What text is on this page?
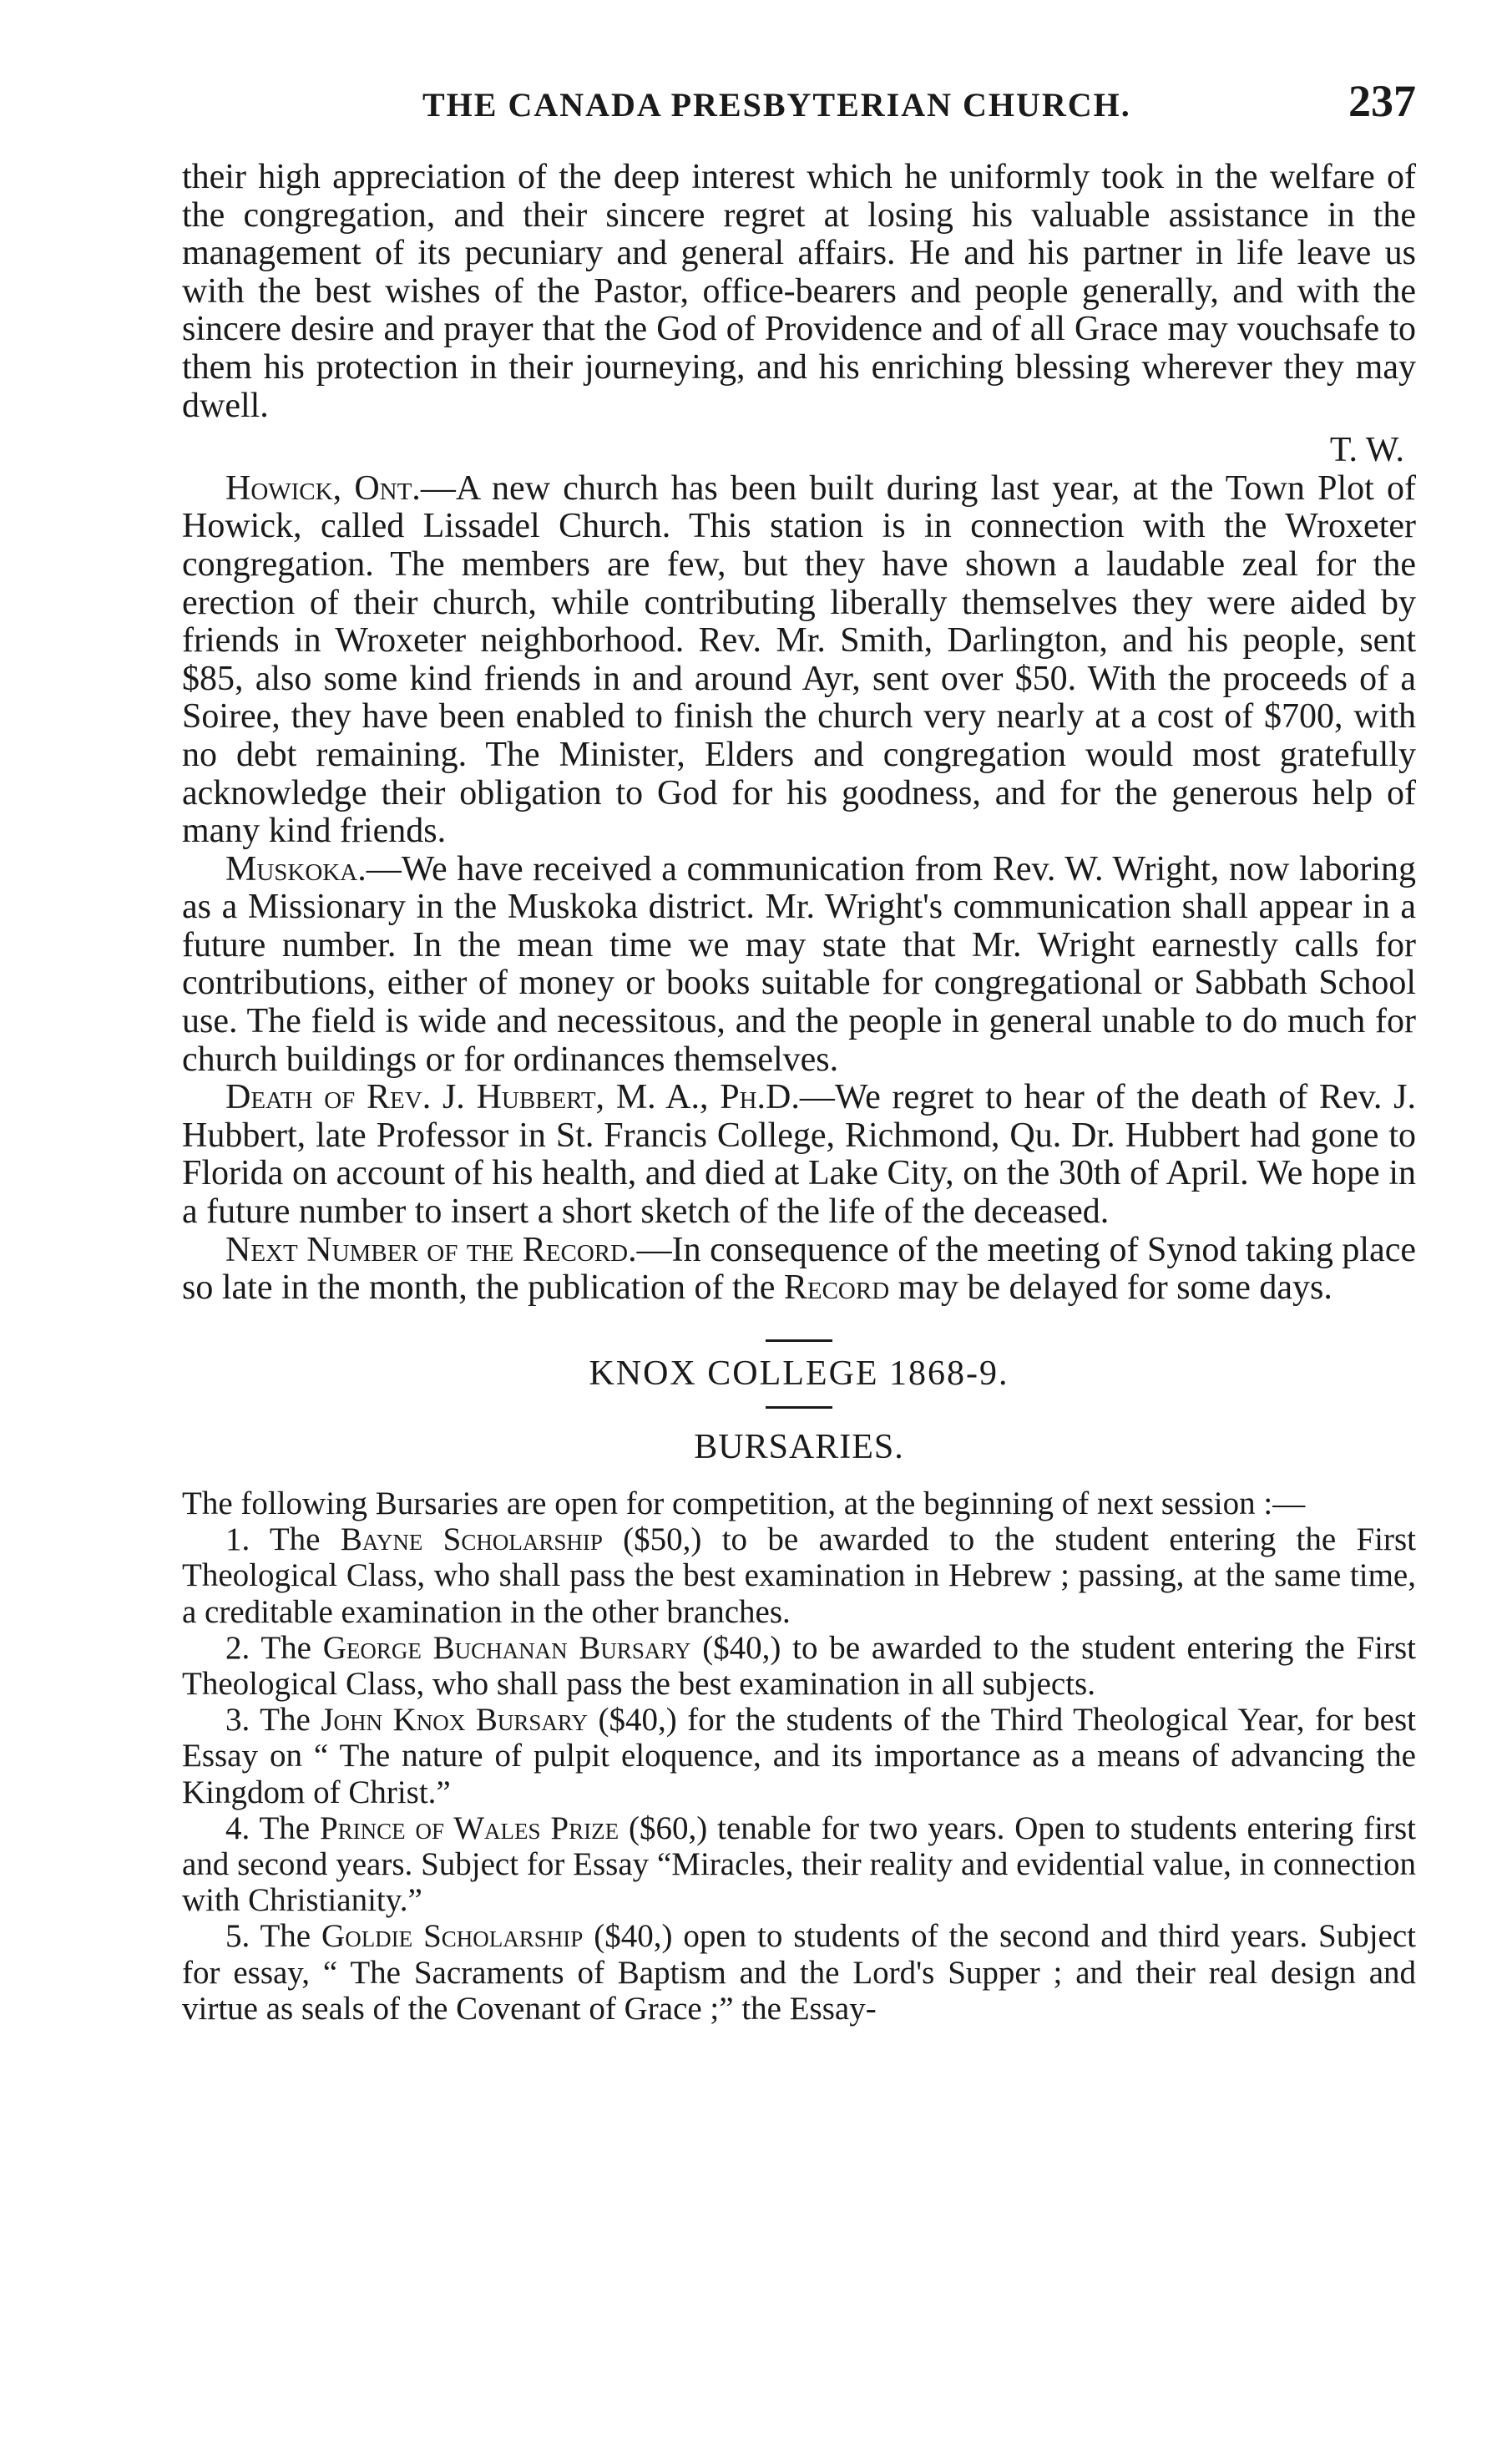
THE CANADA PRESBYTERIAN CHURCH.	237

their high appreciation of the deep interest which he uniformly took in the welfare of the congregation, and their sincere regret at losing his valuable assistance in the management of its pecuniary and general affairs. He and his partner in life leave us with the best wishes of the Pastor, office-bearers and people generally, and with the sincere desire and prayer that the God of Providence and of all Grace may vouchsafe to them his protection in their journeying, and his enriching blessing wherever they may dwell.

T. W.

Howick, Ont.—A new church has been built during last year, at the Town Plot of Howick, called Lissadel Church. This station is in connection with the Wroxeter congregation. The members are few, but they have shown a laudable zeal for the erection of their church, while contributing liberally themselves they were aided by friends in Wroxeter neighborhood. Rev. Mr. Smith, Darlington, and his people, sent $85, also some kind friends in and around Ayr, sent over $50. With the proceeds of a Soiree, they have been enabled to finish the church very nearly at a cost of $700, with no debt remaining. The Minister, Elders and congregation would most gratefully acknowledge their obligation to God for his goodness, and for the generous help of many kind friends.

Muskoka.—We have received a communication from Rev. W. Wright, now laboring as a Missionary in the Muskoka district. Mr. Wright's communication shall appear in a future number. In the mean time we may state that Mr. Wright earnestly calls for contributions, either of money or books suitable for congregational or Sabbath School use. The field is wide and necessitous, and the people in general unable to do much for church buildings or for ordinances themselves.

Death of Rev. J. Hubbert, M. A., Ph.D.—We regret to hear of the death of Rev. J. Hubbert, late Professor in St. Francis College, Richmond, Qu. Dr. Hubbert had gone to Florida on account of his health, and died at Lake City, on the 30th of April. We hope in a future number to insert a short sketch of the life of the deceased.

Next Number of the Record.—In consequence of the meeting of Synod taking place so late in the month, the publication of the Record may be delayed for some days.

KNOX COLLEGE 1868-9.
BURSARIES.

The following Bursaries are open for competition, at the beginning of next session :—

1. The Bayne Scholarship ($50,) to be awarded to the student entering the First Theological Class, who shall pass the best examination in Hebrew ; passing, at the same time, a creditable examination in the other branches.

2. The George Buchanan Bursary ($40,) to be awarded to the student entering the First Theological Class, who shall pass the best examination in all subjects.

3. The John Knox Bursary ($40,) for the students of the Third Theological Year, for best Essay on “ The nature of pulpit eloquence, and its importance as a means of advancing the Kingdom of Christ.”

4. The Prince of Wales Prize ($60,) tenable for two years. Open to students entering first and second years. Subject for Essay “Miracles, their reality and evidential value, in connection with Christianity.”

5. The Goldie Scholarship ($40,) open to students of the second and third years. Subject for essay, “ The Sacraments of Baptism and the Lord's Supper ; and their real design and virtue as seals of the Covenant of Grace ;” the Essay-
